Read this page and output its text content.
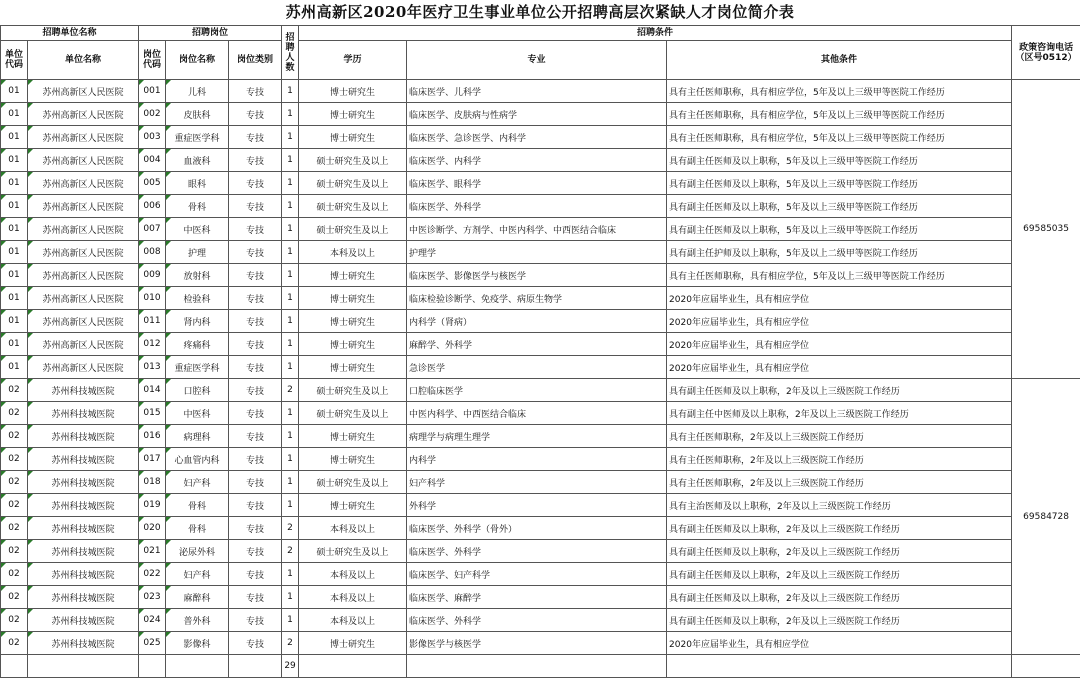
苏州高新区2020年医疗卫生事业单位公开招聘高层次紧缺人才岗位简介表
招聘单位名称		招聘岗位			招聘人数	招聘条件			政策咨询电话（区号0512）
单位代码	单位名称	岗位代码	岗位名称	岗位类别		学历	专业	其他条件	
01	苏州高新区人民医院	001	儿科	专技	1	博士研究生	临床医学、儿科学	具有主任医师职称，具有相应学位，5年及以上三级甲等医院工作经历	69585035
01	苏州高新区人民医院	002	皮肤科	专技	1	博士研究生	临床医学、皮肤病与性病学	具有主任医师职称，具有相应学位，5年及以上三级甲等医院工作经历	
01	苏州高新区人民医院	003	重症医学科	专技	1	博士研究生	临床医学、急诊医学、内科学	具有主任医师职称，具有相应学位，5年及以上三级甲等医院工作经历	
01	苏州高新区人民医院	004	血液科	专技	1	硕士研究生及以上	临床医学、内科学	具有副主任医师及以上职称，5年及以上三级甲等医院工作经历	
01	苏州高新区人民医院	005	眼科	专技	1	硕士研究生及以上	临床医学、眼科学	具有副主任医师及以上职称，5年及以上三级甲等医院工作经历	
01	苏州高新区人民医院	006	骨科	专技	1	硕士研究生及以上	临床医学、外科学	具有副主任医师及以上职称，5年及以上三级甲等医院工作经历	
01	苏州高新区人民医院	007	中医科	专技	1	硕士研究生及以上	中医诊断学、方剂学、中医内科学、中西医结合临床	具有副主任医师及以上职称，5年及以上三级甲等医院工作经历	
01	苏州高新区人民医院	008	护理	专技	1	本科及以上	护理学	具有副主任护师及以上职称，5年及以上二级甲等医院工作经历	
01	苏州高新区人民医院	009	放射科	专技	1	博士研究生	临床医学、影像医学与核医学	具有主任医师职称，具有相应学位，5年及以上三级甲等医院工作经历	
01	苏州高新区人民医院	010	检验科	专技	1	博士研究生	临床检验诊断学、免疫学、病原生物学	2020年应届毕业生，具有相应学位	
01	苏州高新区人民医院	011	肾内科	专技	1	博士研究生	内科学（肾病）	2020年应届毕业生，具有相应学位	
01	苏州高新区人民医院	012	疼痛科	专技	1	博士研究生	麻醉学、外科学	2020年应届毕业生，具有相应学位	
01	苏州高新区人民医院	013	重症医学科	专技	1	博士研究生	急诊医学	2020年应届毕业生，具有相应学位	
02	苏州科技城医院	014	口腔科	专技	2	硕士研究生及以上	口腔临床医学	具有副主任医师及以上职称，2年及以上三级医院工作经历	69584728
02	苏州科技城医院	015	中医科	专技	1	硕士研究生及以上	中医内科学、中西医结合临床	具有副主任中医师及以上职称，2年及以上三级医院工作经历	
02	苏州科技城医院	016	病理科	专技	1	博士研究生	病理学与病理生理学	具有主任医师职称，2年及以上三级医院工作经历	
02	苏州科技城医院	017	心血管内科	专技	1	博士研究生	内科学	具有主任医师职称，2年及以上三级医院工作经历	
02	苏州科技城医院	018	妇产科	专技	1	硕士研究生及以上	妇产科学	具有主任医师职称，2年及以上三级医院工作经历	
02	苏州科技城医院	019	骨科	专技	1	博士研究生	外科学	具有主治医师及以上职称，2年及以上三级医院工作经历	
02	苏州科技城医院	020	骨科	专技	2	本科及以上	临床医学、外科学（骨外）	具有副主任医师及以上职称，2年及以上三级医院工作经历	
02	苏州科技城医院	021	泌尿外科	专技	2	硕士研究生及以上	临床医学、外科学	具有副主任医师及以上职称，2年及以上三级医院工作经历	
02	苏州科技城医院	022	妇产科	专技	1	本科及以上	临床医学、妇产科学	具有副主任医师及以上职称，2年及以上三级医院工作经历	
02	苏州科技城医院	023	麻醉科	专技	1	本科及以上	临床医学、麻醉学	具有副主任医师及以上职称，2年及以上三级医院工作经历	
02	苏州科技城医院	024	普外科	专技	1	本科及以上	临床医学、外科学	具有副主任医师及以上职称，2年及以上三级医院工作经历	
02	苏州科技城医院	025	影像科	专技	2	博士研究生	影像医学与核医学	2020年应届毕业生，具有相应学位	
					29				
